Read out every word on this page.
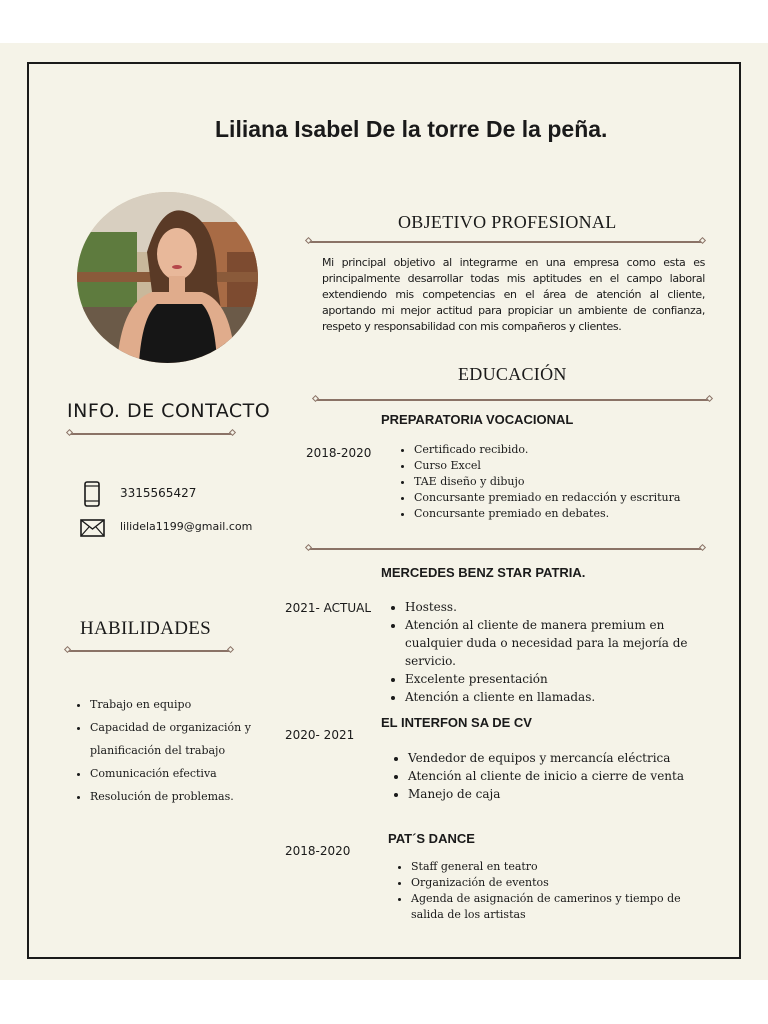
Liliana Isabel De la torre De la peña.
OBJETIVO PROFESIONAL
Mi principal objetivo al integrarme en una empresa como esta es principalmente desarrollar todas mis aptitudes en el campo laboral extendiendo mis competencias en el área de atención al cliente, aportando mi mejor actitud para propiciar un ambiente de confianza, respeto y responsabilidad con mis compañeros y clientes.
EDUCACIÓN
PREPARATORIA VOCACIONAL
2018-2020	• Certificado recibido.
• Curso Excel
• TAE diseño y dibujo
• Concursante premiado en redacción y escritura
• Concursante premiado en debates.
MERCEDES BENZ STAR PATRIA.
2021- ACTUAL	• Hostess.
• Atención al cliente de manera premium en cualquier duda o necesidad para la mejoría de servicio.
• Excelente presentación
• Atención a cliente en llamadas.
EL INTERFON SA DE CV
2020- 2021
• Vendedor de equipos y mercancía eléctrica
• Atención al cliente de inicio a cierre de venta
• Manejo de caja
PAT´S DANCE
2018-2020
• Staff general en teatro
• Organización de eventos
• Agenda de asignación de camerinos y tiempo de salida de los artistas
INFO. DE CONTACTO
3315565427
lilidela1199@gmail.com
HABILIDADES
• Trabajo en equipo
• Capacidad de organización y planificación del trabajo
• Comunicación efectiva
• Resolución de problemas.
